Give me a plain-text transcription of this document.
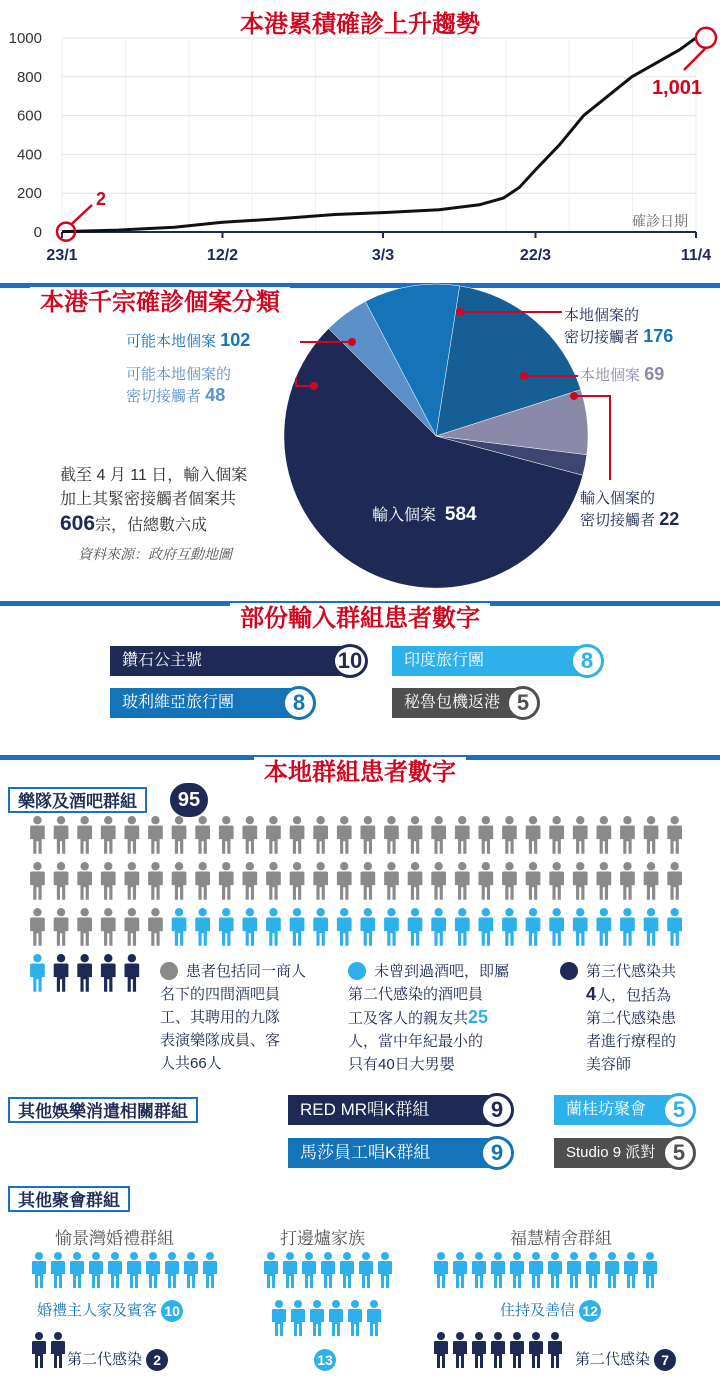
本港累積確診上升趨勢
1000
800
600
400
200
0
23/1	12/2	3/3	22/3	11/4
確診日期
2
1,001
本港千宗確診個案分類
截至 4 月 11 日，輸入個案
加上其緊密接觸者個案共
606宗，估總數六成
資料來源：政府互動地圖
部份輸入群組患者數字
鑽石公主號	10	印度旅行團	8
玻利維亞旅行團	8	秘魯包機返港 5
本地群組患者數字
樂隊及酒吧群組	95
患者包括同一商人
名下的四間酒吧員
工、其聘用的九隊
表演樂隊成員、客
人共66人
未曾到過酒吧，即屬
第二代感染的酒吧員
工及客人的親友共25
人，當中年紀最小的
只有40日大男嬰
第三代感染共
4人，包括為
第二代感染患
者進行療程的
美容師
其他娛樂消遣相關群組	RED MR唱K群組	9	蘭桂坊聚會	5
馬莎員工唱K群組	9	Studio 9 派對 5
其他聚會群組
愉景灣婚禮群組	打邊爐家族	福慧精舍群組
婚禮主人家及賓客 10
第二代感染 2	13
住持及善信 12
第二代感染 7
本地個案的
密切接觸者 176
可能本地個案 102
可能本地個案的
密切接觸者 48
本地個案 69
輸入個案的
密切接觸者 22
輸入個案 584
